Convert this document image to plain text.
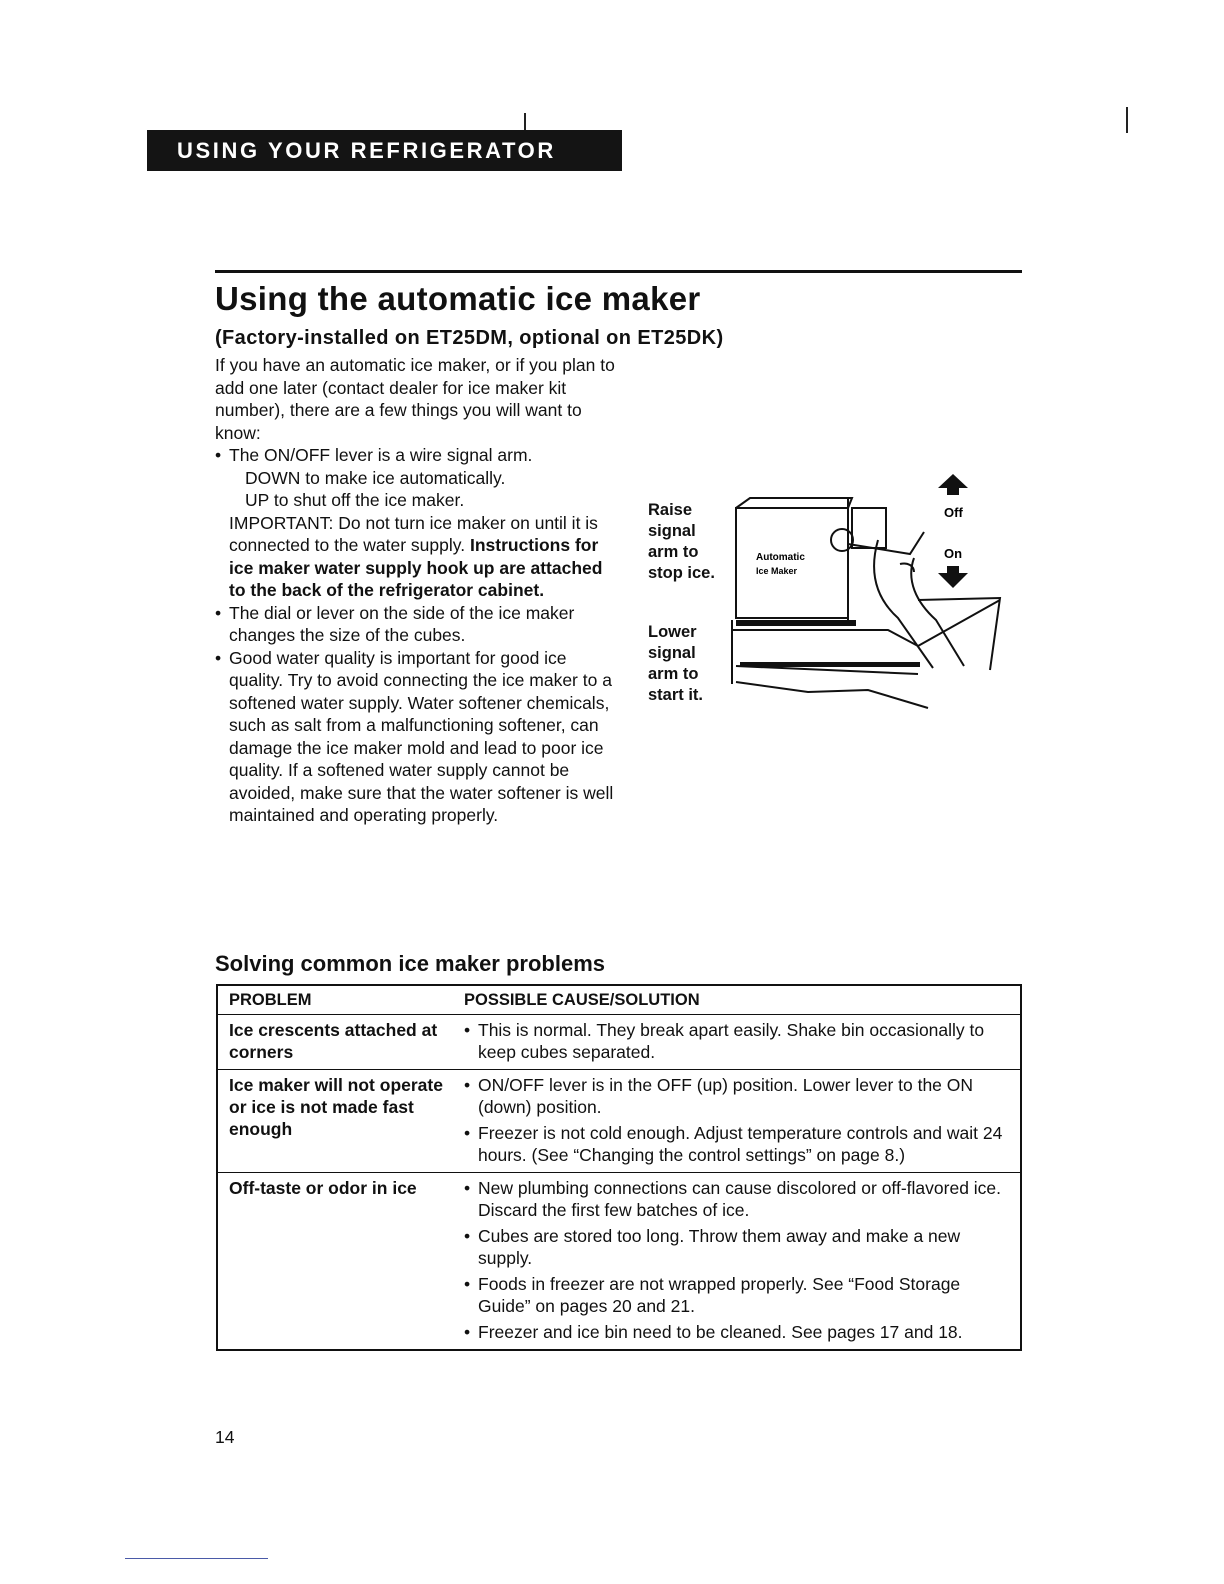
USING YOUR REFRIGERATOR
Using the automatic ice maker
(Factory-installed on ET25DM, optional on ET25DK)

If you have an automatic ice maker, or if you plan to add one later (contact dealer for ice maker kit number), there are a few things you will want to know:

• The ON/OFF lever is a wire signal arm.
DOWN to make ice automatically.
UP to shut off the ice maker.
IMPORTANT: Do not turn ice maker on until it is connected to the water supply. Instructions for ice maker water supply hook up are attached to the back of the refrigerator cabinet.
• The dial or lever on the side of the ice maker changes the size of the cubes.
• Good water quality is important for good ice quality. Try to avoid connecting the ice maker to a softened water supply. Water softener chemicals, such as salt from a malfunctioning softener, can damage the ice maker mold and lead to poor ice quality. If a softened water supply cannot be avoided, make sure that the water softener is well maintained and operating properly.
Raise signal arm to stop ice.
Lower signal arm to start it.
Off
On
Automatic
Ice Maker
Solving common ice maker problems
PROBLEM	POSSIBLE CAUSE/SOLUTION
Ice crescents attached at corners
• This is normal. They break apart easily. Shake bin occasionally to keep cubes separated.
Ice maker will not operate or ice is not made fast enough
• ON/OFF lever is in the OFF (up) position. Lower lever to the ON (down) position.
• Freezer is not cold enough. Adjust temperature controls and wait 24 hours. (See “Changing the control settings” on page 8.)
Off-taste or odor in ice	• New plumbing connections can cause discolored or off-flavored ice. Discard the first few batches of ice.
• Cubes are stored too long. Throw them away and make a new supply.
• Foods in freezer are not wrapped properly. See “Food Storage Guide” on pages 20 and 21.
• Freezer and ice bin need to be cleaned. See pages 17 and 18.
14
